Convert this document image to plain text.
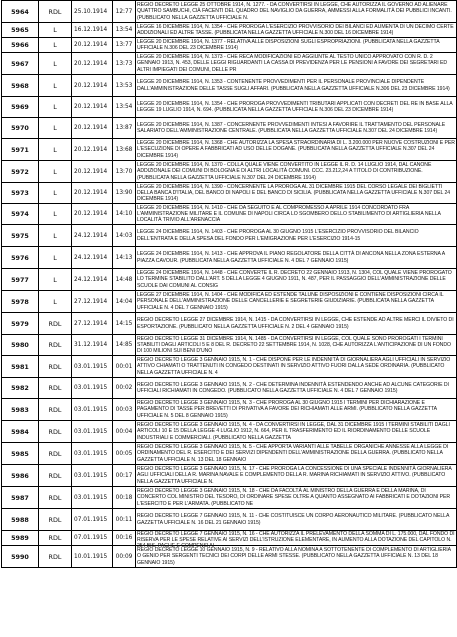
5964	RDL	25.10.1914	12:77	REGIO DECRETO LEGGE 25 OTTOBRE 1914, N. 1277. - DA CONVERTIRSI IN LEGGE, CHE AUTORIZZA IL GOVERNO AD ALIENARE QUATTRO SAMBUCHI, CIÀ FACENTI DEL QUADRO DEL NAVIGLIO DA GUERRA, AMMESSI ALLA FORMALITÀ DEI PUBBLICI INCANTI. (PUBBLICATO NELLA GAZZETTA UFFICIALE N.

5965	L	16.12.1914	13:54	LEGGE 16 DICEMBRE 1914, N. 1354 - CHE PROROGA L'ESERCIZIO PROVVISORIO DEI BILANCI ED AUMENTA DI UN DECIMO CERTE ADDIZIONALI ED ALTRE TASSE. (PUBBLICATA NELLA GAZZETTA UFFICIALE N.300 DEL 16 DICEMBRE 1914)

5966	L	20.12.1914	13:77	LEGGE 20 DICEMBRE 1914, N. 1377 - RELATIVA ALLE DISPOSIZIONI SUGLI ESPROPRIAZIONI. (PUBBLICATA NELLA GAZZETTA UFFICIALE N.306 DEL 23 DICEMBRE 1914)

5967	L	20.12.1914	13:73	LEGGE 20 DICEMBRE 1914, N. 1373 - CHE RECA MODIFICAZIONI ED AGGIUNTE AL TESTO UNICO APPROVATO CON R. D. 2 GENNAIO 1913, N. 453, DELLE LEGGI RIGUARDANTI LA CASSA DI PREVIDENZA PER LE PENSIONI A FAVORE DEI SEGRETARI ED ALTRI IMPIEGATI DEI COMUNI, DELLE PR

5968	L	20.12.1914	13:53	LEGGE 20 DICEMBRE 1914, N. 1353 - CONTENENTE PROVVEDIMENTI PER IL PERSONALE PROVINCIALE DIPENDENTE DALL'AMMINISTRAZIONE DELLE TASSE SUGLI AFFARI. (PUBBLICATA NELLA GAZZETTA UFFICIALE N.306 DEL 23 DICEMBRE 1914)

5969	L	20.12.1914	13:54	LEGGE 20 DICEMBRE 1914, N. 1354 - CHE PROROGA PROVVEDIMENTI TRIBUTARI APPLICATI CON DECRETI DEL RE IN BASE ALLA LEGGE 19 LUGLIO 1914, N. 694. (PUBBLICATA NELLA GAZZETTA UFFICIALE N.306 DEL 23 DICEMBRE 1914)

5970	L	20.12.1914	13:87	LEGGE 20 DICEMBRE 1914, N. 1387 - CONCERNENTE PROVVEDIMENTI INTESI A FAVORIRE IL TRATTAMENTO DEL PERSONALE SALARIATO DELL'AMMINISTRAZIONE CENTRALE. (PUBBLICATA NELLA GAZZETTA UFFICIALE N.307 DEL 24 DICEMBRE 1914)

5971	L	20.12.1914	13:68	LEGGE 20 DICEMBRE 1914, N. 1368 - CHE AUTORIZZA LA SPESA STRAORDINARIA DI L. 3.200.000 PER NUOVE COSTRUZIONI E PER L'ESECUZIONE DI OPERE A FABBRICATI AD USO DELLE DOGANE. (PUBBLICATA NELLA GAZZETTA UFFICIALE N.307 DEL 24 DICEMBRE 1914)

5972	L	20.12.1914	13:70	LEGGE 20 DICEMBRE 1914, N. 1370 - COLLA QUALE VIENE CONVERTITO IN LEGGE IL R. D. 14 LUGLIO 1914, DAL CANONE ADDIZIONALE DEI COMUNI DI BOLOGNA E DI ALTRI LOCALITÀ COMUNI. CCC. 23.212,24 A TITOLO DI CONTRIBUZIONE. (PUBBLICATA NELLA GAZZETTA UFFICIALE N.307 DEL 24 DICEMBRE 1914)

5973	L	20.12.1914	13:90	LEGGE 20 DICEMBRE 1914, N. 1390 - CONCERNENTE LA PROROGA AL 31 DICEMBRE 1915 DEL CORSO LEGALE DEI BIGLIETTI DELLA BANCA D'ITALIA, DEL BANCO DI NAPOLI E DEL BANCO DI SICILIA. (PUBBLICATA NELLA GAZZETTA UFFICIALE N.307 DEL 24 DICEMBRE 1914)

5974	L	20.12.1914	14:10	LEGGE 20 DICEMBRE 1914, N. 1410 - CHE DA SEGUITO E AL COMPROMESSO A APRILE 1914 CONCORDATO FRA L'AMMINISTRAZIONE MILITARE E IL COMUNE DI NAPOLI CIRCA LO SGOMBERO DELLO STABILIMENTO DI ARTIGLIERIA NELLA LOCALITÀ TRIVIO ALL'ARENACCIA

5975	L	24.12.1914	14:03	LEGGE 24 DICEMBRE 1914, N. 1403 - CHE PROROGA AL 30 GIUGNO 1915 L'ESERCIZIO PROVVISORIO DEL BILANCIO DELL'ENTRATA E DELLA SPESA DEL FONDO PER L'EMIGRAZIONE PER L'ESERCIZIO 1914-15

5976	L	24.12.1914	14:13	LEGGE 24 DICEMBRE 1914, N. 1413 - CHE APPROVA IL PIANO REGOLATORE DELLA CITTÀ DI ANCONA NELLA ZONA ESTERNA A PIAZZA CAVOUR. (PUBBLICATA NELLA GAZZETTA UFFICIALE N. 4 DEL 7 GENNAIO 1915)

5977	L	24.12.1914	14:48	LEGGE 24 DICEMBRE 1914, N. 1448 - CHE CONVERTE IL R. DECRETO 22 GENNAIO 1913, N. 1304, COL QUALE VIENE PROROGATO LO TERMINE STABILITO DALL'ART. 5 DELLA LEGGE 4 GIUGNO 1911, N. 487, PER IL PASSAGGIO DELL'AMMINISTRAZIONE DELLE SCUOLE DAI COMUNI AL CONSIG

5978	L	27.12.1914	14:04	LEGGE 27 DICEMBRE 1914, N. 1404 - CHE MODIFICA ED ESTENDE TALUNE DISPOSIZIONI E CONTIENE DISPOSIZIONI CIRCA IL PERSONALE DELL'AMMINISTRAZIONE DELLE CANCELLERIE E SEGRETERIE GIUDIZIARIE. (PUBBLICATA NELLA GAZZETTA UFFICIALE N. 4 DEL 7 GENNAIO 1915)

5979	RDL	27.12.1914	14:15	REGIO DECRETO LEGGE 27 DICEMBRE 1914, N. 1415 - DA CONVERTIRSI IN LEGGE, CHE ESTENDE AD ALTRE MERCI IL DIVIETO DI ESPORTAZIONE. (PUBBLICATO NELLA GAZZETTA UFFICIALE N. 2 DEL 4 GENNAIO 1915)

5980	RDL	31.12.1914	14:85	REGIO DECRETO LEGGE 31 DICEMBRE 1914, N. 1485 - DA CONVERTIRSI IN LEGGE, COL QUALE SONO PROROGATI I TERMINI STABILITI DAGLI ARTICOLI 5 E 8 DEL R. DECRETO 22 SETTEMBRE 1914, N. 1028, CHE AUTORIZZA L'ANTICIPAZIONE DI UN FONDO DI 100 MILIONI SUI BENI D'UNO

5981	RDL	03.01.1915	00:01	REGIO DECRETO LEGGE 3 GENNAIO 1915, N. 1 - CHE DISPONE PER LE INDENNITÀ DI GIORNALIERA AGLI UFFICIALI IN SERVIZIO ATTIVO CHIAMATI O TRATTENUTI IN CONGEDO DESTINATI IN SERVIZIO ATTIVO FUORI DALLA SEDE ORDINARIA. (PUBBLICATO NELLA GAZZETTA UFFICIALE N. 4

5982	RDL	03.01.1915	00:02	REGIO DECRETO LEGGE 3 GENNAIO 1915, N. 2 - CHE DETERMINA INDENNITÀ ESTENDENDO ANCHE AD ALCUNE CATEGORIE DI UFFICIALI RICHIAMATI IN CONGEDO. (PUBBLICATO NELLA GAZZETTA UFFICIALE N. 4 DEL 7 GENNAIO 1915)

5983	RDL	03.01.1915	00:03	REGIO DECRETO LEGGE 3 GENNAIO 1915, N. 3 - CHE PROROGA AL 30 GIUGNO 1915 I TERMINI PER DICHIARAZIONE E PAGAMENTO DI TASSE PER BREVETTI DI PRIVATIVA A FAVORE DEI RICHIAMATI ALLE ARMI. (PUBBLICATO NELLA GAZZETTA UFFICIALE N. 5 DEL 8 GENNAIO 1915)

5984	RDL	03.01.1915	00:04	REGIO DECRETO LEGGE 3 GENNAIO 1915, N. 4 - DA CONVERTIRSI IN LEGGE, DAL 31 DICEMBRE 1915 I TERMINI STABILITI DAGLI ARTICOLI 10 E 15 DELLA LEGGE 4 LUGLIO 1912, N. 664, PER IL TRASFERIMENTO ED IL RIORDINAMENTO DELLE SCUOLE INDUSTRIALI E COMMERCIALI. (PUBBLICATO NELLA GAZZETTA

5985	RDL	03.01.1915	00:05	REGIO DECRETO LEGGE 3 GENNAIO 1915, N. 5 - CHE APPORTA VARIANTI ALLE TABELLE ORGANICHE ANNESSE ALLA LEGGE DI ORDINAMENTO DEL R. ESERCITO E DEI SERVIZI DIPENDENTI DELL'AMMINISTRAZIONE DELLA GUERRA. (PUBBLICATO NELLA GAZZETTA UFFICIALE N. 13 DEL 18 GENNAIO

5986	RDL	03.01.1915	00:17	REGIO DECRETO LEGGE 3 GENNAIO 1915, N. 17 - CHE PROROGA LA CONCESSIONE DI UNA SPECIALE INDENNITÀ GIORNALIERA AGLI UFFICIALI DELLA R. MARINA NAVALE E COMPLEMENTO DELLA R. MARINA RICHIAMATI IN SERVIZIO ATTIVO. (PUBBLICATO NELLA GAZZETTA UFFICIALE N.

5987	RDL	03.01.1915	00:18	REGIO DECRETO LEGGE 3 GENNAIO 1915, N. 18 - CHE DA FACOLTÀ AL MINISTRO DELLA GUERRA E DELLA MARINA, DI CONCERTO COL MINISTRO DEL TESORO, DI ORDINARE SPESE OLTRE A QUANTO ASSEGNATO AI FABBRICATI E DOTAZIONI PER L'ESERCITO E PER L'ARMATA. (PUBBLICATO NE

5988	RDL	07.01.1915	00:11	REGIO DECRETO LEGGE 7 GENNAIO 1915, N. 11 - CHE COSTITUISCE UN CORPO AERONAUTICO MILITARE. (PUBBLICATO NELLA GAZZETTA UFFICIALE N. 16 DEL 21 GENNAIO 1915)

5989	RDL	07.01.1915	00:16	REGIO DECRETO LEGGE 7 GENNAIO 1915, N. 16 - CHE AUTORIZZA IL PRELEVAMENTO DELLA SOMMA DI L. 175.000, DAL FONDO DI RISERVA PER LE SPESE RELATIVE AI SERVIZI DELL'ISTRUZIONE ELEMENTARE, IN AUMENTO ALLA DOTAZIONE DEL CAPITOLO N. 254 BIS, PAGHE E COMPENSI AI

5990	RDL	10.01.1915	00:09	REGIO DECRETO LEGGE 10 GENNAIO 1915, N. 9 - RELATIVO ALLA NOMINA A SOTTOTENENTE DI COMPLEMENTO DI ARTIGLIERIA O GENIO PER SERGENTI TECNICI DEI CORPI DELLE ARMI STESSE. (PUBBLICATO NELLA GAZZETTA UFFICIALE N. 13 DEL 18 GENNAIO 1915)
